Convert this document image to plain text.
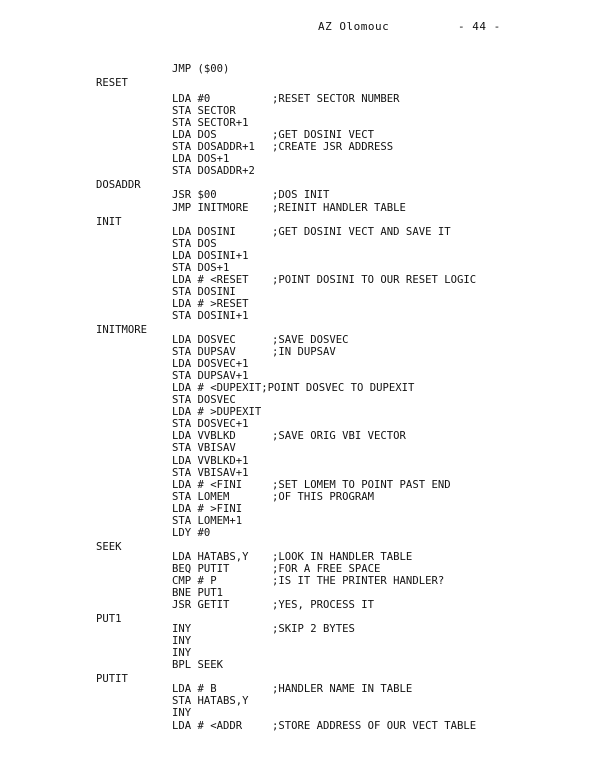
AZ Olomouc	- 44 -
JMP ($00)
RESET
LDA #0	;RESET SECTOR NUMBER
STA SECTOR
STA SECTOR+1
LDA DOS	;GET DOSINI VECT
STA DOSADDR+1 ;CREATE JSR ADDRESS
LDA DOS+1
STA DOSADDR+2
DOSADDR
JSR $00	;DOS INIT
JMP INITMORE ;REINIT HANDLER TABLE
INIT
LDA DOSINI	;GET DOSINI VECT AND SAVE IT
STA DOS
LDA DOSINI+1
STA DOS+1
LDA # <RESET ;POINT DOSINI TO OUR RESET LOGIC
STA DOSINI
LDA # >RESET
STA DOSINI+1
INITMORE
LDA DOSVEC	;SAVE DOSVEC
STA DUPSAV	;IN DUPSAV
LDA DOSVEC+1
STA DUPSAV+1
LDA # <DUPEXIT;POINT DOSVEC TO DUPEXIT
STA DOSVEC
LDA # >DUPEXIT
STA DOSVEC+1
LDA VVBLKD	;SAVE ORIG VBI VECTOR
STA VBISAV
LDA VVBLKD+1
STA VBISAV+1
LDA # <FINI	;SET LOMEM TO POINT PAST END
STA LOMEM	;OF THIS PROGRAM
LDA # >FINI
STA LOMEM+1
LDY #0
SEEK
LDA HATABS,Y ;LOOK IN HANDLER TABLE
BEQ PUTIT	;FOR A FREE SPACE
CMP # P	;IS IT THE PRINTER HANDLER?
BNE PUT1
JSR GETIT	;YES, PROCESS IT
PUT1
INY	;SKIP 2 BYTES
INY
INY
BPL SEEK
PUTIT
LDA # B	;HANDLER NAME IN TABLE
STA HATABS,Y
INY
LDA # <ADDR	;STORE ADDRESS OF OUR VECT TABLE
